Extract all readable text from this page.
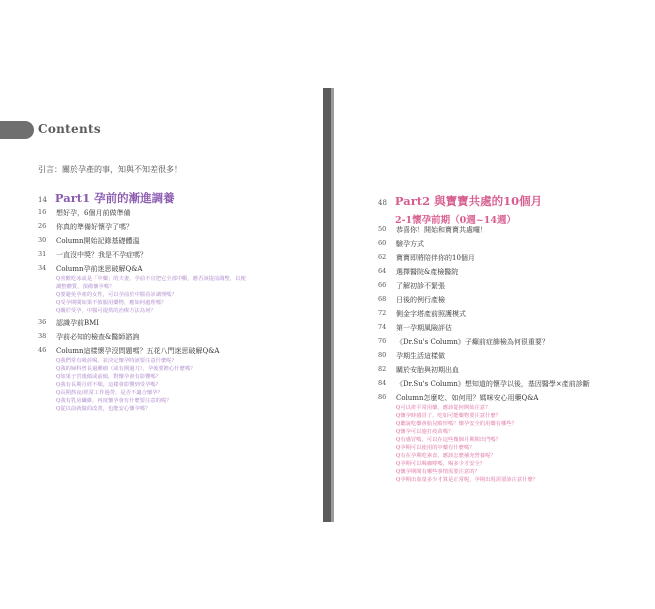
Contents
引言：關於孕產的事，知與不知差很多！
14 Part1 孕前的漸進調養
16	想好孕，6個月前做準備
26	你真的準備好懷孕了嗎？
30	Column開始記錄基礎體溫
31	一直沒中獎？我是不孕症嗎？
34	Column孕前迷思破解Q&A
Q喜歡吃冰或是「中藥」的夫妻，孕前不宜把它全部中斷，應否該提前調整，以便
調整體質，預備懷孕嗎？
Q要避免孕產的女性，可以孕前於中醫看診調理嗎？
Q受孕期間如果不慎服用藥物，應如何處理嗎？
Q關於受孕，中醫可提供的治療方法為何？
36	認識孕前BMI
38	孕前必知的檢查&醫師諮詢
46	Column這樣懷孕沒問題嗎？五花八門迷思破解Q&A
Q我們常有吸菸喝，並決定懷孕時該要注意什麼呢？
Q我的婦科曾長過腫瘤（或有開過刀），孕後要擔心什麼嗎？
Q如果子宮後傾或前傾，對懷孕會有影響嗎？
Q我有長期月經不順，這樣會影響到受孕嗎？
Q長期熬夜/經常工作過勞，是否不適合懷孕？
Q我有乳房纖維，再度懷孕會有什麼要注意的呢？
Q從以前就做的改善，也能安心懷孕嗎？
48 Part2 與寶寶共處的10個月
2-1懷孕前期（0週~14週）
50	恭喜你！開始和寶寶共處囉！
60	驗孕方式
62	寶寶即將陪伴你的10個月
64	選擇醫院&產檢醫院
66	了解初診不緊張
68	日後的例行產檢
72	側金字塔產前照護模式
74	第一孕期風險評估
76	《Dr.Su's Column》子癲前症篩檢為何很重要？
80	孕期生活這樣做
82	關於安胎與初期出血
84	《Dr.Su's Column》想知道的懷孕以後，基因醫學×產前診斷
86	Column怎麼吃、如何用？媽咪安心用藥Q&A
Q可以產平常用藥，應該從何開始注意？
Q懷孕時感冒了，吃如可能藥物要注意什麼？
Q聽說吃藥會胎兒畸形嗎？懷孕安全的用藥有哪些？
Q懷孕可以施打疫苗嗎？
Q有感冒嗎，可以在這些幾個月期間出門嗎？
Q孕期可以使用的中藥有什麼嗎？
Q有在孕期吃素食、應該怎麼補充營養呢？
Q孕期可以喝咖啡嗎，喝多少才安全？
Q懷孕期間有哪些事情需要注意的？
Q孕期出血量多少才算是正常呢，孕期出現需要該注意什麼？
